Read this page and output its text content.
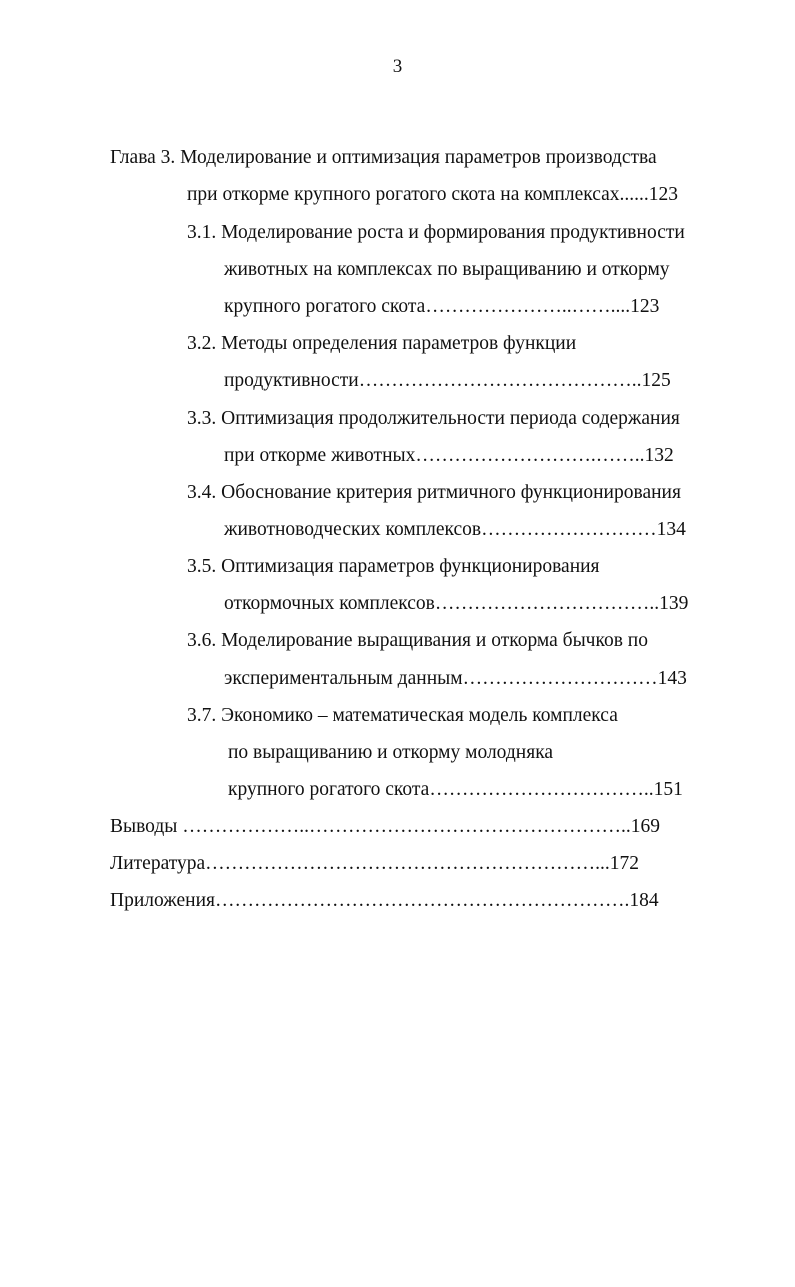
3
Глава 3. Моделирование и оптимизация параметров производства
при откорме крупного рогатого скота на комплексах......123
3.1. Моделирование роста и формирования продуктивности
животных на комплексах по выращиванию и откорму
крупного рогатого скота…………………..……....123
3.2. Методы определения параметров функции
продуктивности……………………………………..125
3.3. Оптимизация продолжительности периода содержания
при откорме животных……………………….……..132
3.4. Обоснование критерия ритмичного функционирования
животноводческих комплексов………………………134
3.5. Оптимизация параметров функционирования
откормочных комплексов……………………………..139
3.6. Моделирование выращивания и откорма бычков по
экспериментальным данным…………………………143
3.7. Экономико – математическая модель комплекса
по выращиванию и откорму молодняка
крупного рогатого скота……………………………..151
Выводы ………………..…………………………………………..169
Литература……………………………………………………...172
Приложения……………………………………………………….184
